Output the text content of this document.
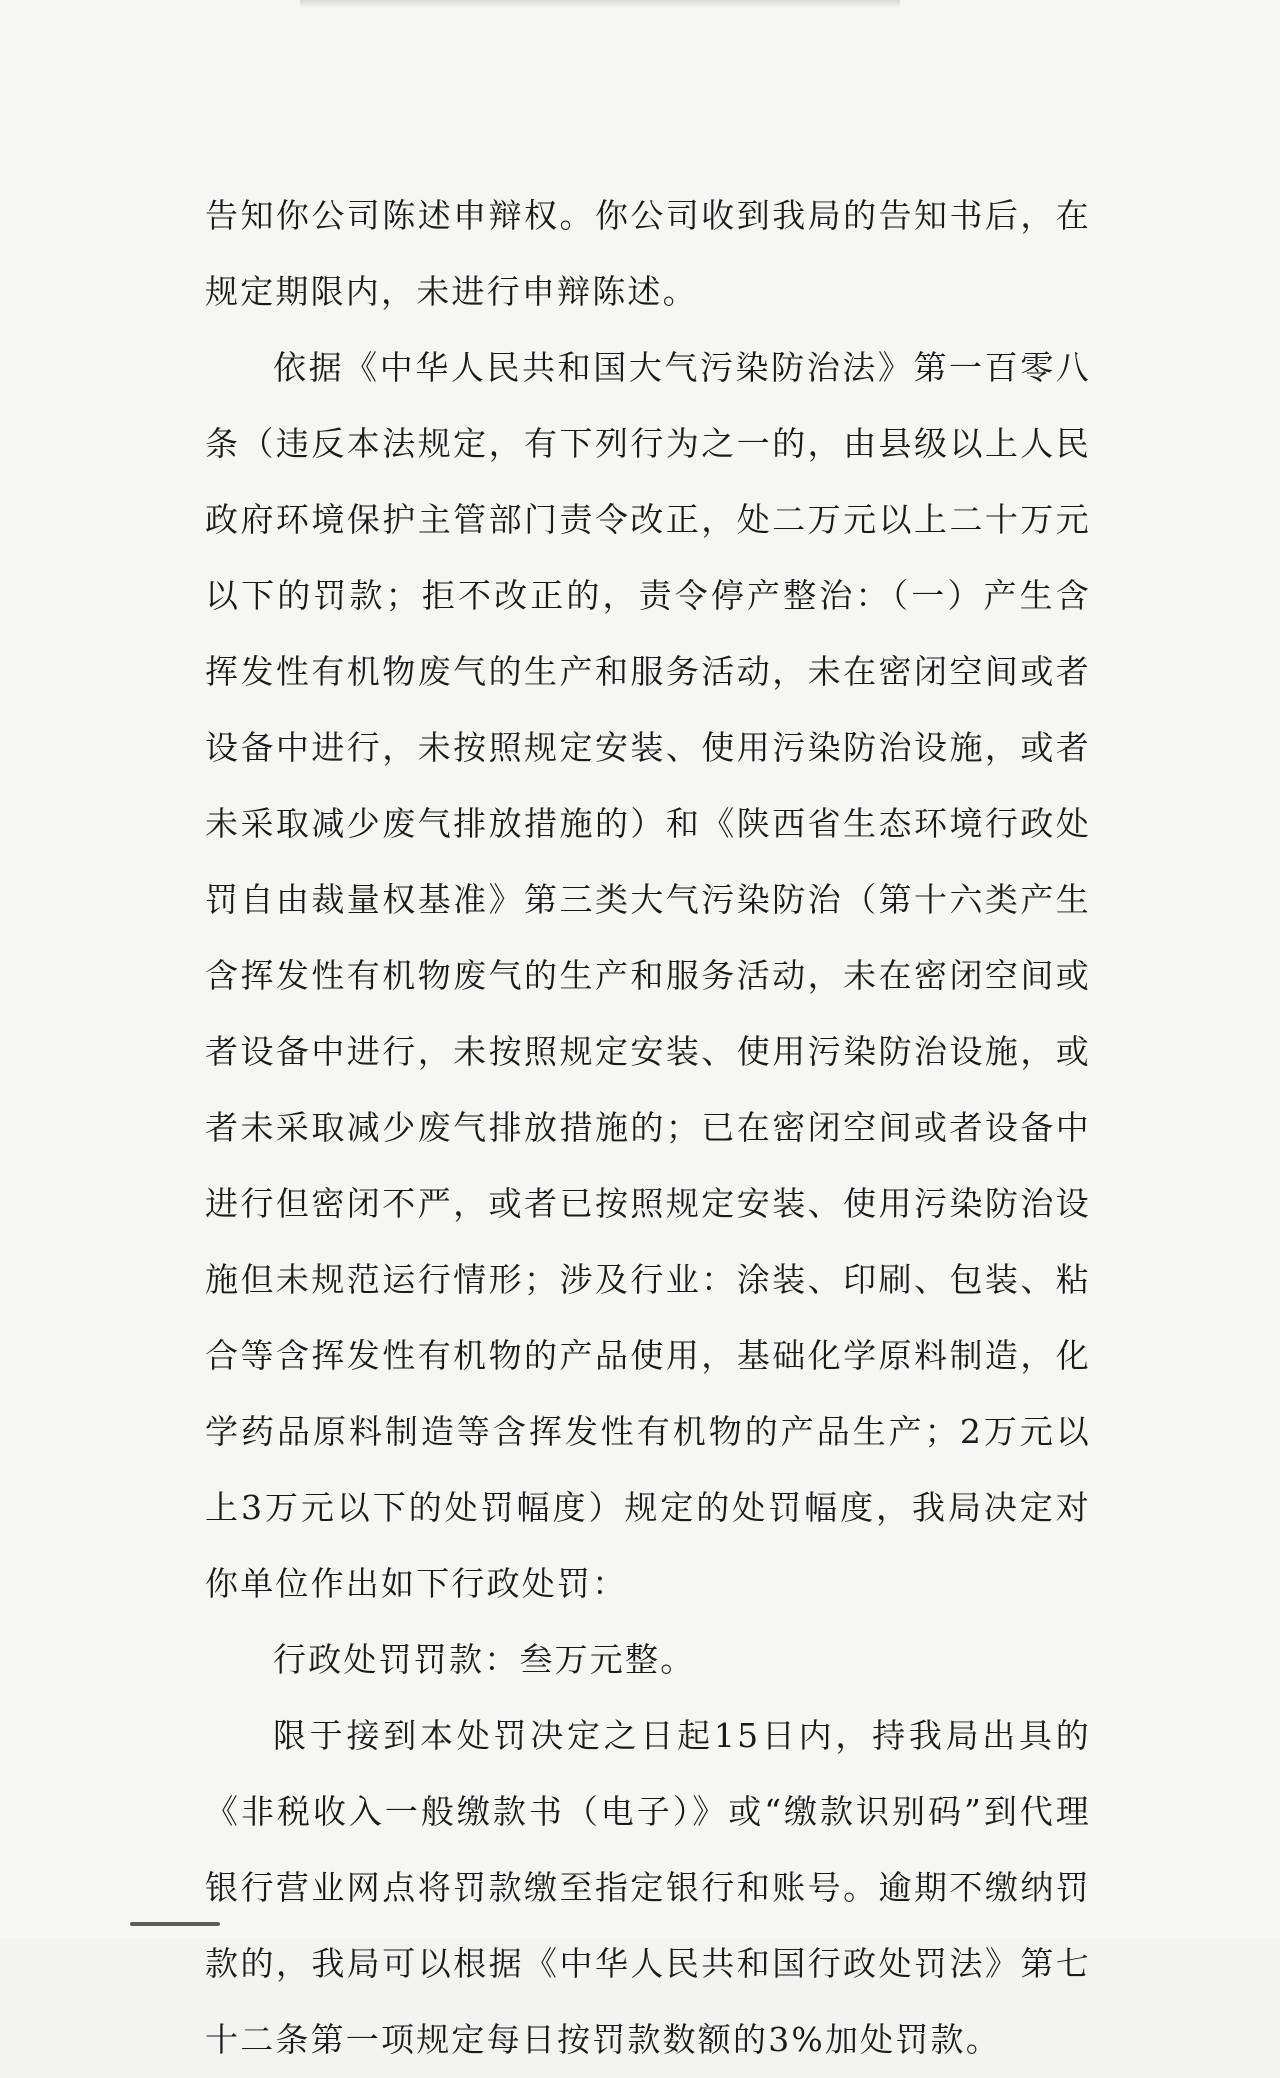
告知你公司陈述申辩权。你公司收到我局的告知书后，在规定期限内，未进行申辩陈述。

依据《中华人民共和国大气污染防治法》第一百零八条（违反本法规定，有下列行为之一的，由县级以上人民政府环境保护主管部门责令改正，处二万元以上二十万元以下的罚款；拒不改正的，责令停产整治：（一）产生含挥发性有机物废气的生产和服务活动，未在密闭空间或者设备中进行，未按照规定安装、使用污染防治设施，或者未采取减少废气排放措施的）和《陕西省生态环境行政处罚自由裁量权基准》第三类大气污染防治（第十六类产生含挥发性有机物废气的生产和服务活动，未在密闭空间或者设备中进行，未按照规定安装、使用污染防治设施，或者未采取减少废气排放措施的；已在密闭空间或者设备中进行但密闭不严，或者已按照规定安装、使用污染防治设施但未规范运行情形；涉及行业：涂装、印刷、包装、粘合等含挥发性有机物的产品使用，基础化学原料制造，化学药品原料制造等含挥发性有机物的产品生产；2万元以上3万元以下的处罚幅度）规定的处罚幅度，我局决定对你单位作出如下行政处罚：

行政处罚罚款：叁万元整。

限于接到本处罚决定之日起15日内，持我局出具的《非税收入一般缴款书（电子）》或“缴款识别码”到代理银行营业网点将罚款缴至指定银行和账号。逾期不缴纳罚款的，我局可以根据《中华人民共和国行政处罚法》第七十二条第一项规定每日按罚款数额的3%加处罚款。
